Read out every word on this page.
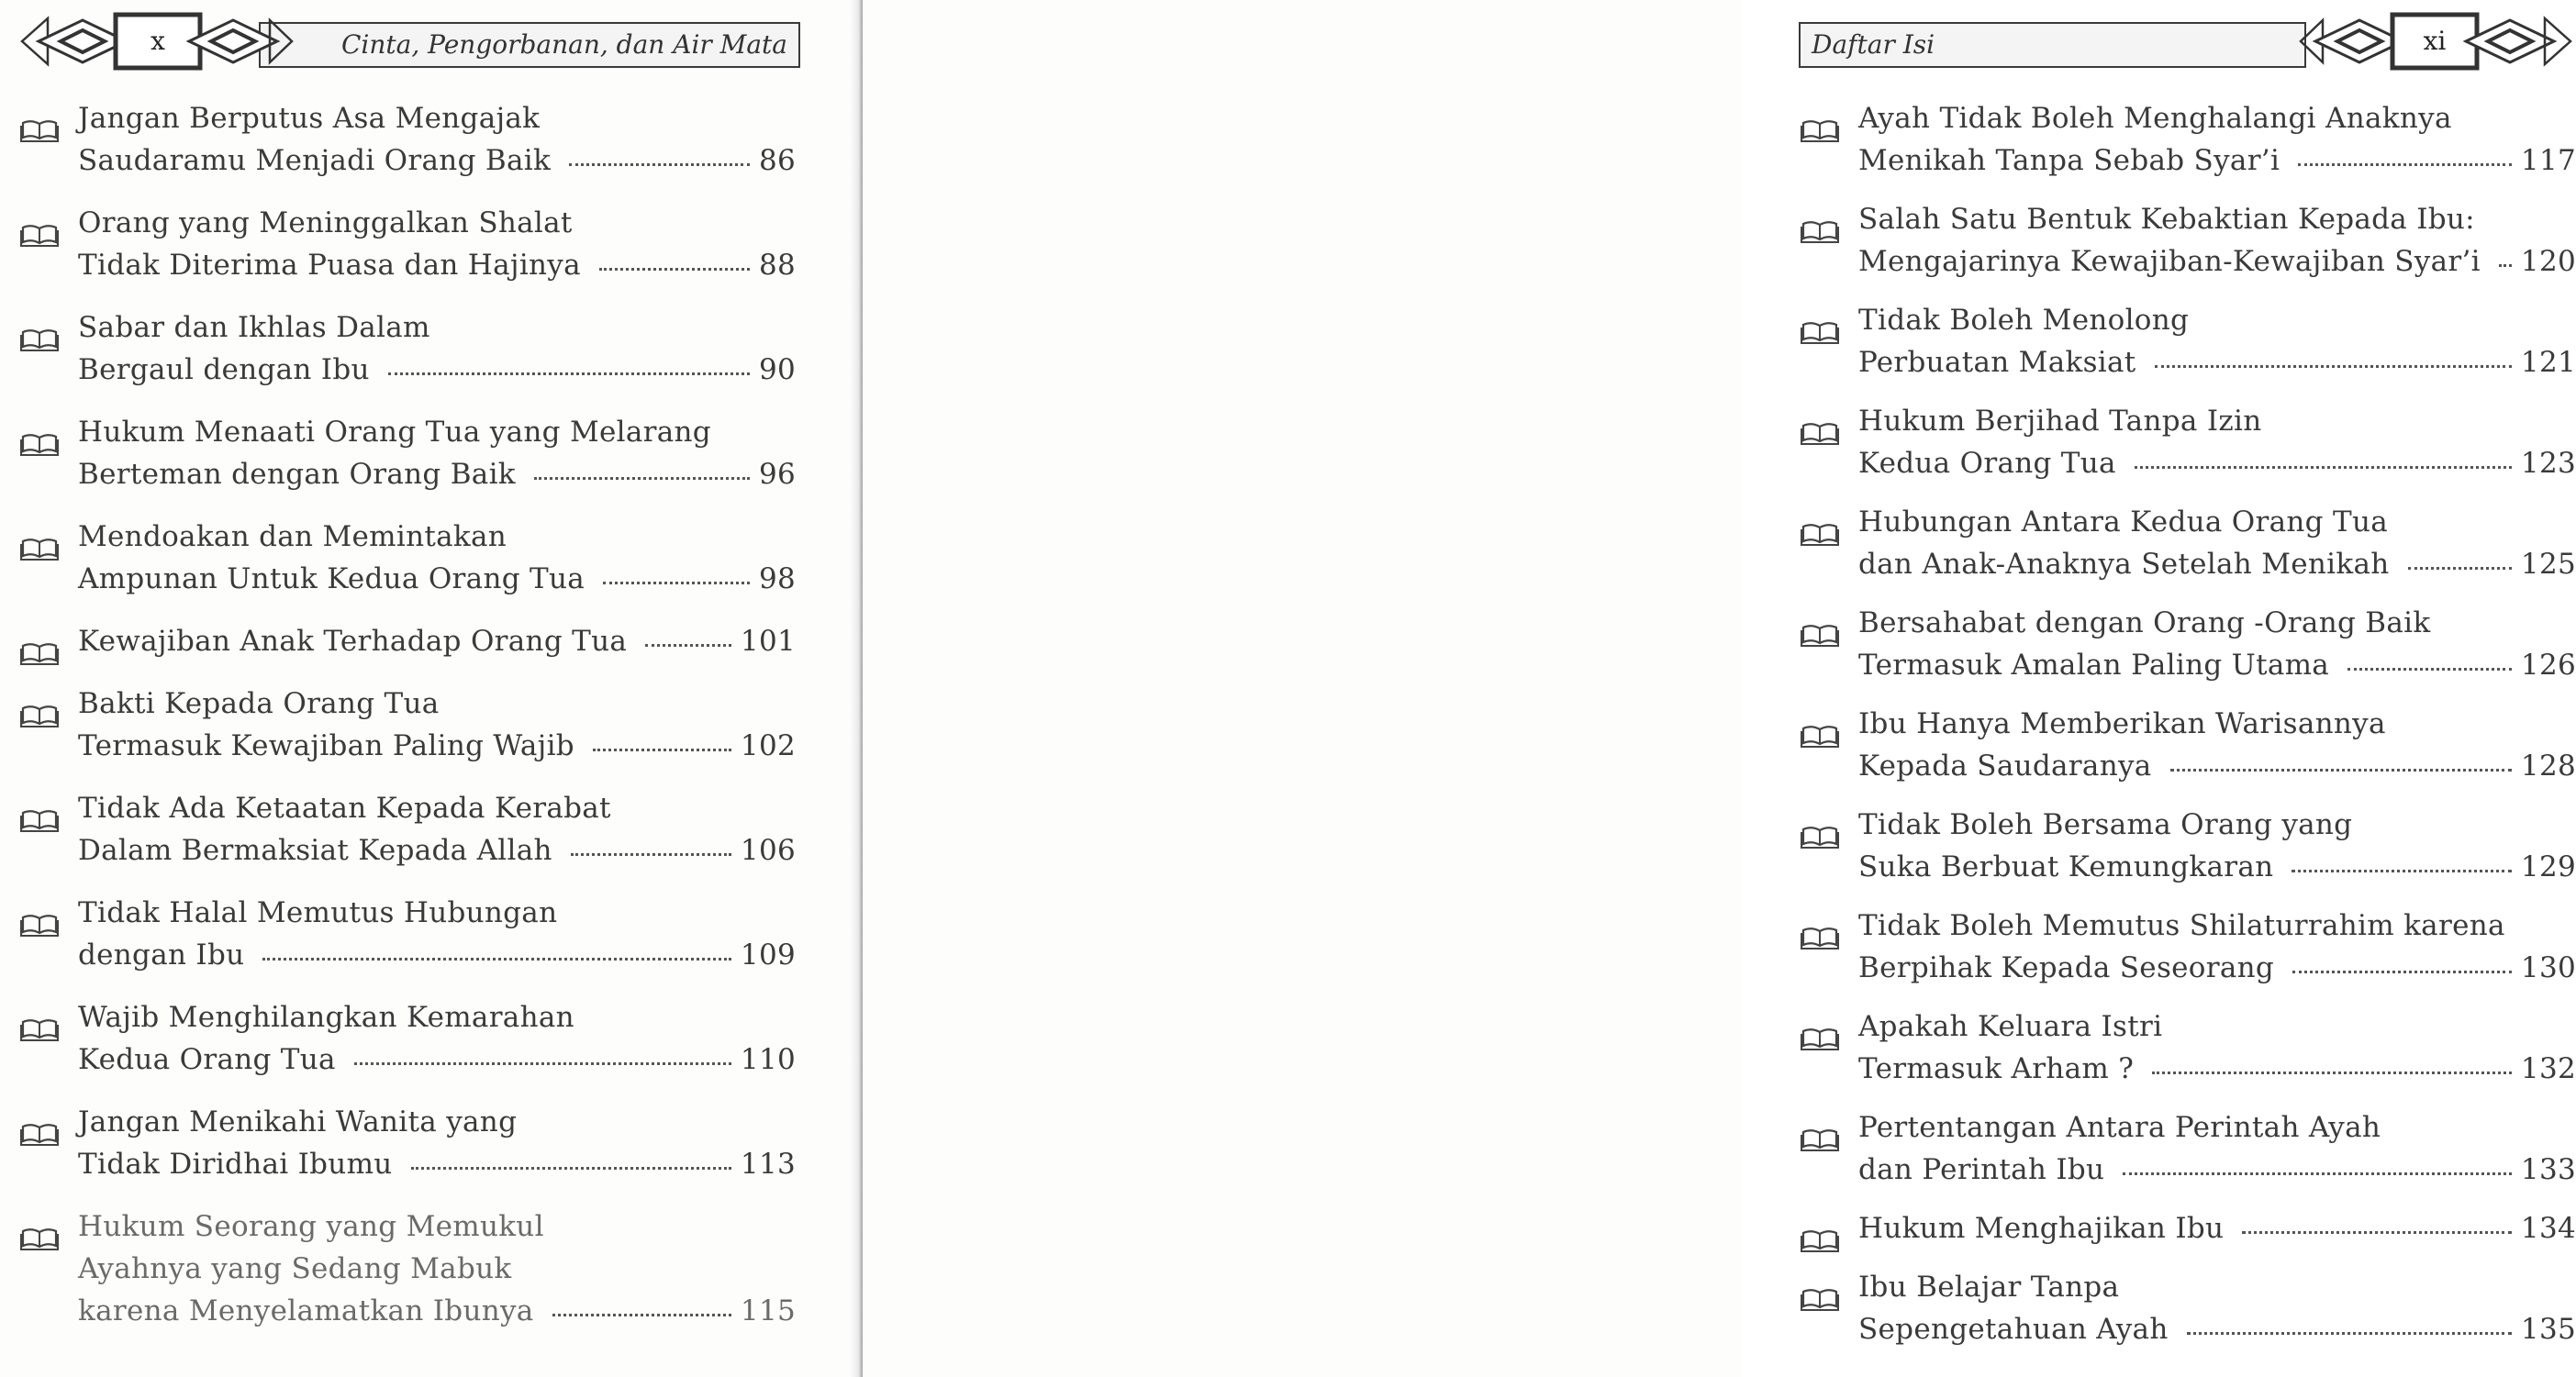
x	Cinta, Pengorbanan, dan Air Mata
Jangan Berputus Asa Mengajak
Saudaramu Menjadi Orang Baik	86
Orang yang Meninggalkan Shalat
Tidak Diterima Puasa dan Hajinya	88
Sabar dan Ikhlas Dalam
Bergaul dengan Ibu	90
Hukum Menaati Orang Tua yang Melarang
Berteman dengan Orang Baik	96
Mendoakan dan Memintakan
Ampunan Untuk Kedua Orang Tua	98
Kewajiban Anak Terhadap Orang Tua	101
Bakti Kepada Orang Tua
Termasuk Kewajiban Paling Wajib	102
Tidak Ada Ketaatan Kepada Kerabat
Dalam Bermaksiat Kepada Allah	106
Tidak Halal Memutus Hubungan
dengan Ibu	109
Wajib Menghilangkan Kemarahan
Kedua Orang Tua	110
Jangan Menikahi Wanita yang
Tidak Diridhai Ibumu	113
Hukum Seorang yang Memukul
Ayahnya yang Sedang Mabuk
karena Menyelamatkan Ibunya	115
xi
Daftar Isi
Ayah Tidak Boleh Menghalangi Anaknya
Menikah Tanpa Sebab Syar’i	117
Salah Satu Bentuk Kebaktian Kepada Ibu:
Mengajarinya Kewajiban-Kewajiban Syar’i 120
Tidak Boleh Menolong
Perbuatan Maksiat	121
Hukum Berjihad Tanpa Izin
Kedua Orang Tua	123
Hubungan Antara Kedua Orang Tua
dan Anak-Anaknya Setelah Menikah	125
Bersahabat dengan Orang -Orang Baik
Termasuk Amalan Paling Utama	126
Ibu Hanya Memberikan Warisannya
Kepada Saudaranya	128
Tidak Boleh Bersama Orang yang
Suka Berbuat Kemungkaran	129
Tidak Boleh Memutus Shilaturrahim karena
Berpihak Kepada Seseorang	130
Apakah Keluara Istri
Termasuk Arham ?	132
Pertentangan Antara Perintah Ayah
dan Perintah Ibu	133
Hukum Menghajikan Ibu	134
Ibu Belajar Tanpa
Sepengetahuan Ayah	135
